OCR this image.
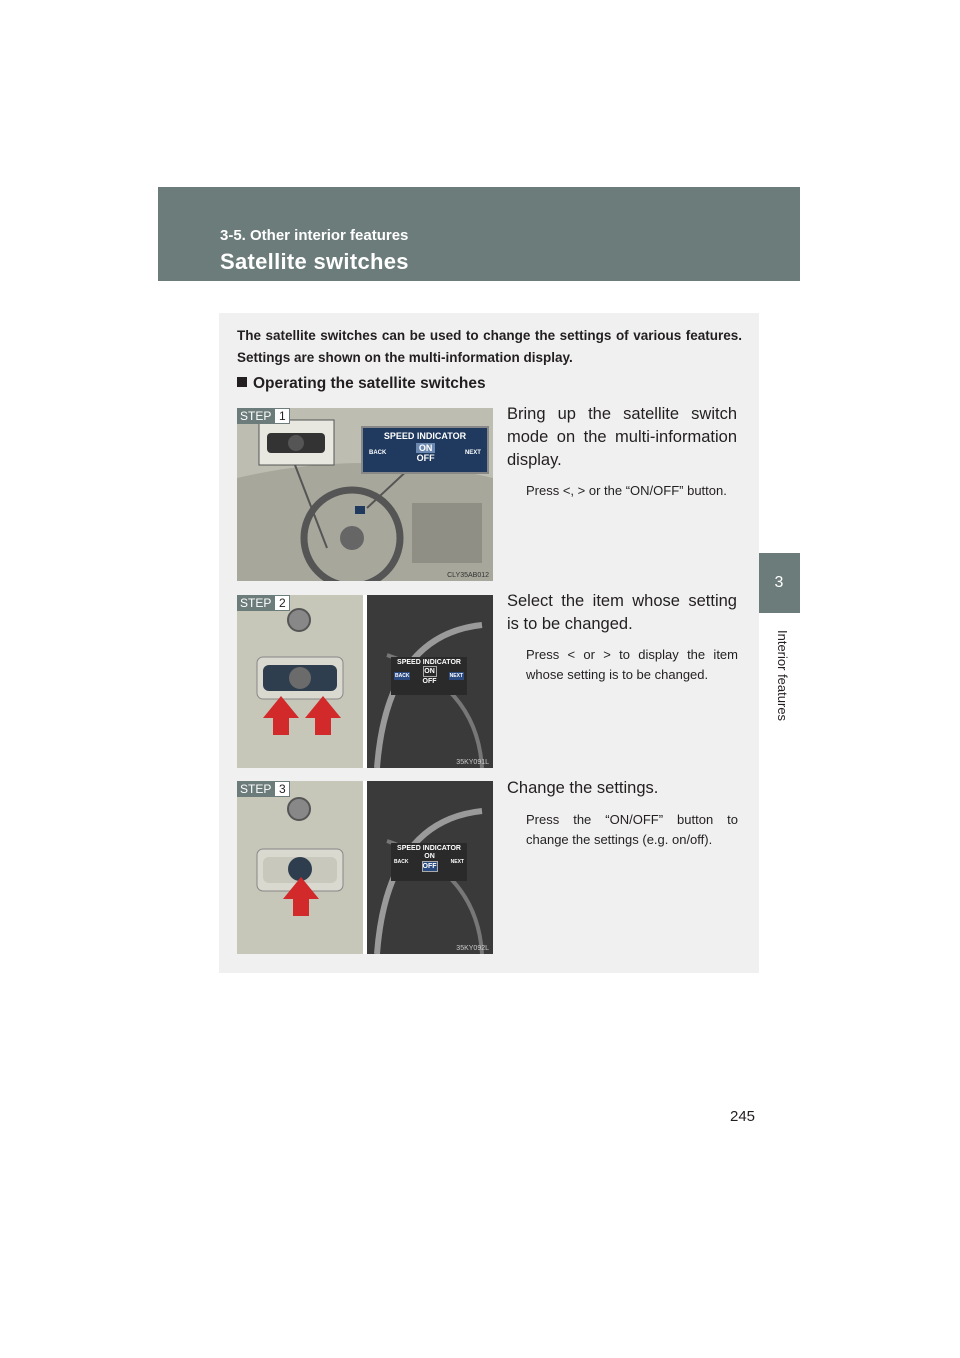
3-5. Other interior features
Satellite switches
3
Interior features
The satellite switches can be used to change the settings of various features. Settings are shown on the multi-information display.
Operating the satellite switches
STEP 1
SPEED INDICATOR
BACK	ON
OFF	NEXT
CLY35AB012
Bring up the satellite switch mode on the multi-information display.
Press <, > or the “ON/OFF” button.
STEP 2
SPEED INDICATOR
BACK
ON
OFF
NEXT
35KY091L
Select the item whose setting is to be changed.
Press < or > to display the item whose setting is to be changed.
STEP 3
SPEED INDICATOR
BACK
ON
OFF
NEXT
35KY092L
Change the settings.
Press the “ON/OFF” button to change the settings (e.g. on/off).
245
